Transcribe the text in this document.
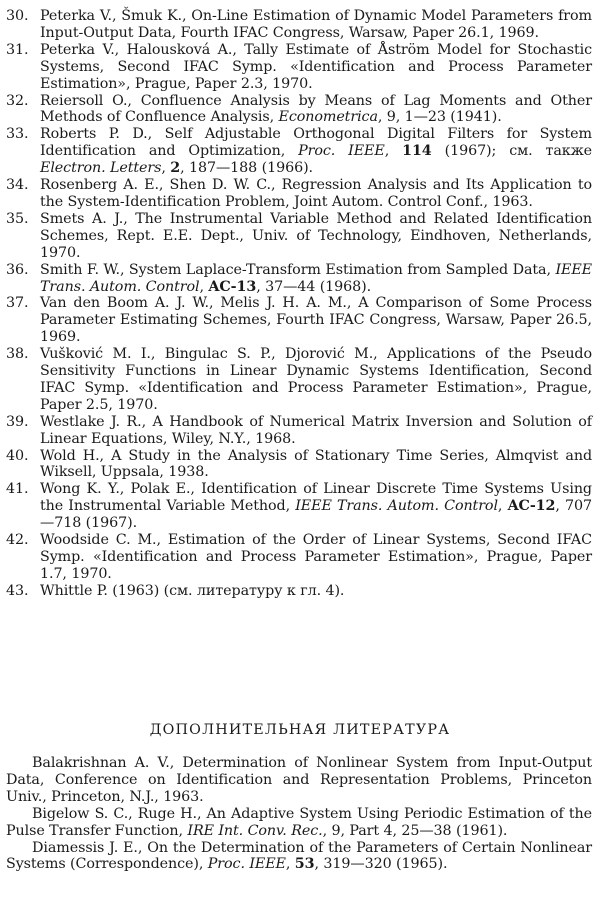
30. Peterka V., Šmuk K., On-Line Estimation of Dynamic Model Parameters from Input-Output Data, Fourth IFAC Congress, Warsaw, Paper 26.1, 1969.

31. Peterka V., Halousková A., Tally Estimate of Åström Model for Stochastic Systems, Second IFAC Symp. «Identification and Process Parameter Estimation», Prague, Paper 2.3, 1970.

32. Reiersoll O., Confluence Analysis by Means of Lag Moments and Other Methods of Confluence Analysis, Econometrica, 9, 1—23 (1941).

33. Roberts P. D., Self Adjustable Orthogonal Digital Filters for System Identification and Optimization, Proc. IEEE, 114 (1967); см. также Electron. Letters, 2, 187—188 (1966).

34. Rosenberg A. E., Shen D. W. C., Regression Analysis and Its Application to the System-Identification Problem, Joint Autom. Control Conf., 1963.

35. Smets A. J., The Instrumental Variable Method and Related Identification Schemes, Rept. E.E. Dept., Univ. of Technology, Eindhoven, Netherlands, 1970.

36. Smith F. W., System Laplace-Transform Estimation from Sampled Data, IEEE Trans. Autom. Control, AC-13, 37—44 (1968).

37. Van den Boom A. J. W., Melis J. H. A. M., A Comparison of Some Process Parameter Estimating Schemes, Fourth IFAC Congress, Warsaw, Paper 26.5, 1969.

38. Vušković M. I., Bingulac S. P., Djorović M., Applications of the Pseudo Sensitivity Functions in Linear Dynamic Systems Identification, Second IFAC Symp. «Identification and Process Parameter Estimation», Prague, Paper 2.5, 1970.

39. Westlake J. R., A Handbook of Numerical Matrix Inversion and Solution of Linear Equations, Wiley, N.Y., 1968.

40. Wold H., A Study in the Analysis of Stationary Time Series, Almqvist and Wiksell, Uppsala, 1938.

41. Wong K. Y., Polak E., Identification of Linear Discrete Time Systems Using the Instrumental Variable Method, IEEE Trans. Autom. Control, AC-12, 707—718 (1967).

42. Woodside C. M., Estimation of the Order of Linear Systems, Second IFAC Symp. «Identification and Process Parameter Estimation», Prague, Paper 1.7, 1970.

43. Whittle P. (1963) (см. литературу к гл. 4).

ДОПОЛНИТЕЛЬНАЯ ЛИТЕРАТУРА

Balakrishnan A. V., Determination of Nonlinear System from Input-Output Data, Conference on Identification and Representation Problems, Princeton Univ., Princeton, N.J., 1963.

Bigelow S. C., Ruge H., An Adaptive System Using Periodic Estimation of the Pulse Transfer Function, IRE Int. Conv. Rec., 9, Part 4, 25—38 (1961).

Diamessis J. E., On the Determination of the Parameters of Certain Nonlinear Systems (Correspondence), Proc. IEEE, 53, 319—320 (1965).
